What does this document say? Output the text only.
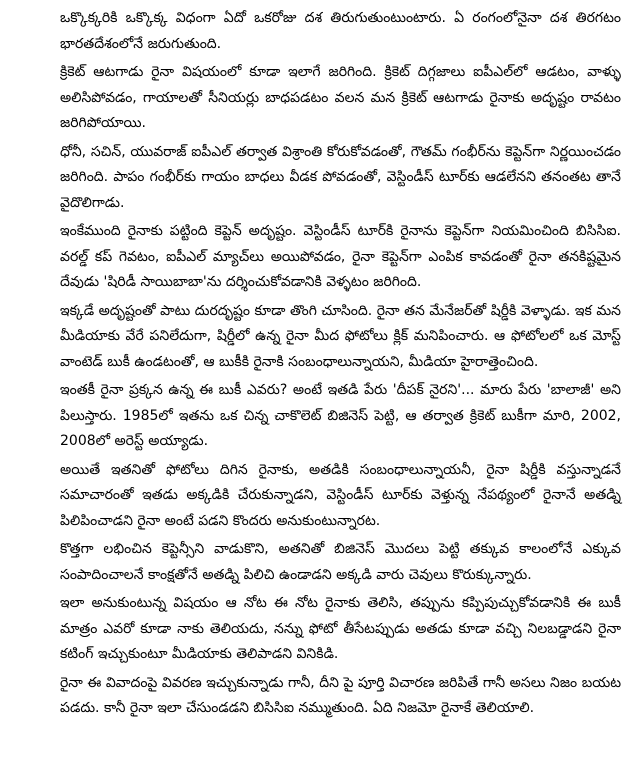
ఒక్కొక్కరికి ఒక్కొక్క విధంగా ఏదో ఒకరోజు దశ తిరుగుతుంటుంటారు. ఏ రంగంలోనైనా దశ తిరగటం భారతదేశంలోనే జరుగుతుంది.

క్రికెట్ ఆటగాడు రైనా విషయంలో కూడా ఇలాగే జరిగింది. క్రికెట్ దిగ్గజాలు ఐపీఎల్‌లో ఆడటం, వాళ్ళు అలిసిపోవడం, గాయాలతో సీనియర్లు బాధపడటం వలన మన క్రికెట్ ఆటగాడు రైనాకు అదృష్టం రావటం జరిగిపోయాయి.

ధోనీ, సచిన్, యువరాజ్ ఐపీఎల్ తర్వాత విశ్రాంతి కోరుకోవడంతో, గౌతమ్ గంభీర్‌ను కెప్టెన్‌గా నిర్ణయించడం జరిగింది. పాపం గంభీర్‌కు గాయం బాధలు వీడక పోవడంతో, వెస్టిండీస్ టూర్‌కు ఆడలేనని తనంతట తానే వైదొలిగాడు.

ఇంకేముంది రైనాకు పట్టింది కెప్టెన్ అదృష్టం. వెస్టిండీస్ టూర్‌కి రైనాను కెప్టెన్‌గా నియమించింది బిసిసిఐ. వరల్డ్ కప్ గెవటం, ఐపీఎల్ మ్యాచ్‌లు అయిపోవడం, రైనా కెప్టెన్‌గా ఎంపిక కావడంతో రైనా తనకిష్టమైన దేవుడు 'షిరిడీ సాయిబాబా'ను దర్శించుకోవడానికి వెళ్ళటం జరిగింది.

ఇక్కడే అదృష్టంతో పాటు దురదృష్టం కూడా తొంగి చూసింది. రైనా తన మేనేజర్‌తో షిర్డీకి వెళ్ళాడు. ఇక మన మీడియాకు వేరే పనిలేదుగా, షిర్డీలో ఉన్న రైనా మీద ఫోటోలు క్లిక్ మనిపించారు. ఆ ఫోటోలలో ఒక మోస్ట్ వాంటెడ్ బుకీ ఉండటంతో, ఆ బుకీకి రైనాకి సంబంధాలున్నాయని, మీడియా హైరాత్తెంచింది.

ఇంతకీ రైనా ప్రక్కన ఉన్న ఈ బుకీ ఎవరు? అంటే ఇతడి పేరు 'దీపక్ నైరని'... మారు పేరు 'బాలాజీ' అని పిలుస్తారు. 1985లో ఇతను ఒక చిన్న చాకొలెట్ బిజినెస్ పెట్టి, ఆ తర్వాత క్రికెట్ బుకీగా మారి, 2002, 2008లో అరెస్ట్ అయ్యాడు.

అయితే ఇతనితో ఫోటోలు దిగిన రైనాకు, అతడికి సంబంధాలున్నాయనీ, రైనా షిర్డీకి వస్తున్నాడనే సమాచారంతో ఇతడు అక్కడికి చేరుకున్నాడని, వెస్టిండీస్ టూర్‌కు వెళ్తున్న నేపథ్యంలో రైనానే అతడ్ని పిలిపించాడని రైనా అంటే పడని కొందరు అనుకుంటున్నారట.

కొత్తగా లభించిన కెప్టెన్సీని వాడుకొని, అతనితో బిజినెస్ మొదలు పెట్టి తక్కువ కాలంలోనే ఎక్కువ సంపాదించాలనే కాంక్షతోనే అతడ్ని పిలిచి ఉండాడని అక్కడి వారు చెవులు కొరుక్కున్నారు.

ఇలా అనుకుంటున్న విషయం ఆ నోట ఈ నోట రైనాకు తెలిసి, తప్పును కప్పిపుచ్చుకోవడానికి ఈ బుకీ మాత్రం ఎవరో కూడా నాకు తెలియదు, నన్ను ఫోటో తీసేటప్పుడు అతడు కూడా వచ్చి నిలబడ్డాడని రైనా కటింగ్ ఇచ్చుకుంటూ మీడియాకు తెలిపాడని వినికిడి.

రైనా ఈ వివాదంపై వివరణ ఇచ్చుకున్నాడు గానీ, దీని పై పూర్తి విచారణ జరిపితే గానీ అసలు నిజం బయట పడదు. కానీ రైనా ఇలా చేసుండడని బిసిసిఐ నమ్ముతుంది. ఏది నిజమో రైనాకే తెలియాలి.
